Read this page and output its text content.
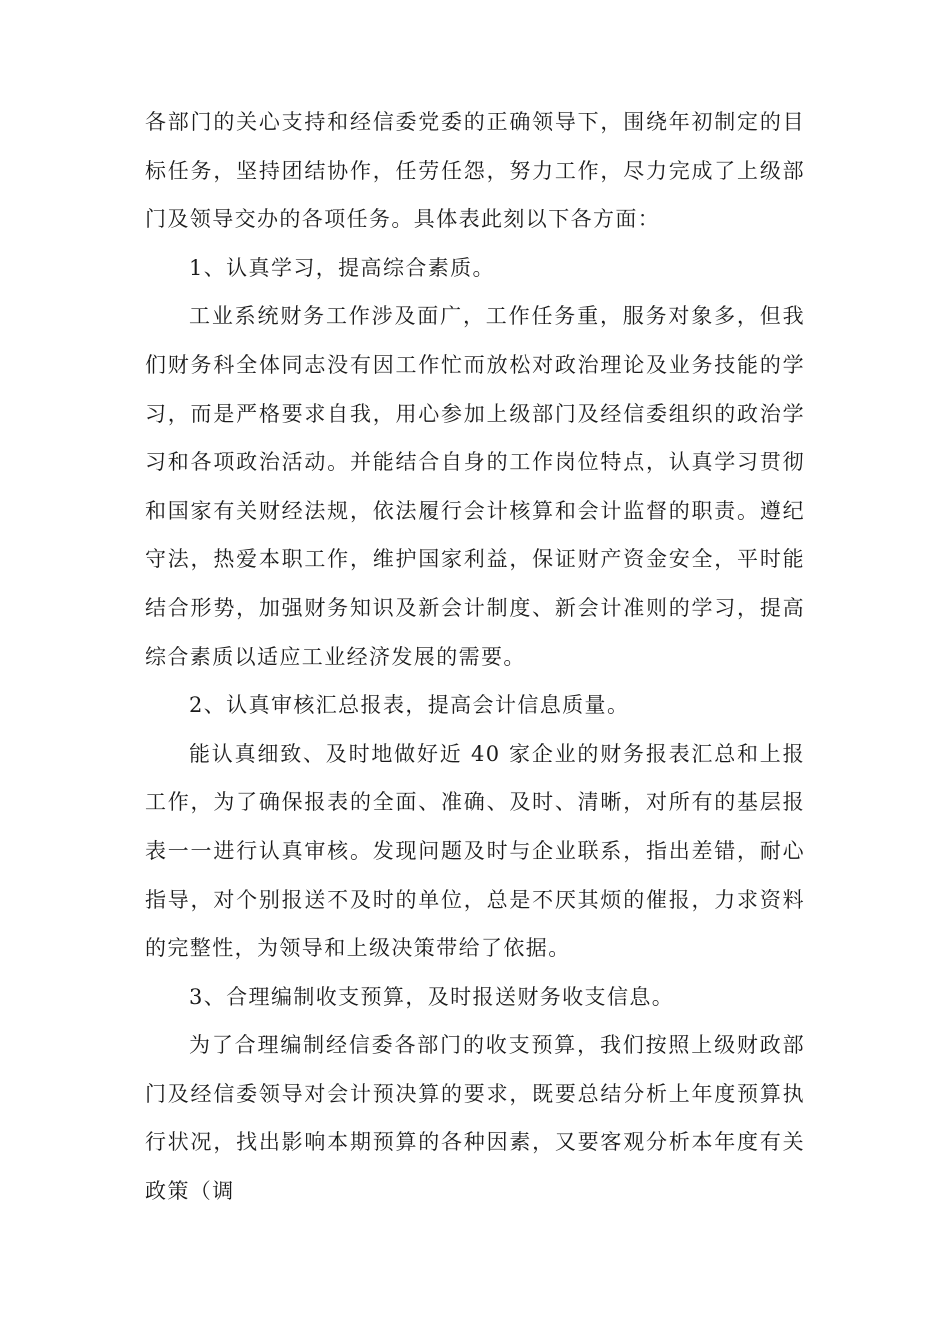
各部门的关心支持和经信委党委的正确领导下，围绕年初制定的目标任务，坚持团结协作，任劳任怨，努力工作，尽力完成了上级部门及领导交办的各项任务。具体表此刻以下各方面：

1、认真学习，提高综合素质。

工业系统财务工作涉及面广，工作任务重，服务对象多，但我们财务科全体同志没有因工作忙而放松对政治理论及业务技能的学习，而是严格要求自我，用心参加上级部门及经信委组织的政治学习和各项政治活动。并能结合自身的工作岗位特点，认真学习贯彻和国家有关财经法规，依法履行会计核算和会计监督的职责。遵纪守法，热爱本职工作，维护国家利益，保证财产资金安全，平时能结合形势，加强财务知识及新会计制度、新会计准则的学习，提高综合素质以适应工业经济发展的需要。

2、认真审核汇总报表，提高会计信息质量。

能认真细致、及时地做好近 40 家企业的财务报表汇总和上报工作，为了确保报表的全面、准确、及时、清晰，对所有的基层报表一一进行认真审核。发现问题及时与企业联系，指出差错，耐心指导，对个别报送不及时的单位，总是不厌其烦的催报，力求资料的完整性，为领导和上级决策带给了依据。

3、合理编制收支预算，及时报送财务收支信息。

为了合理编制经信委各部门的收支预算，我们按照上级财政部门及经信委领导对会计预决算的要求，既要总结分析上年度预算执行状况，找出影响本期预算的各种因素，又要客观分析本年度有关政策（调
